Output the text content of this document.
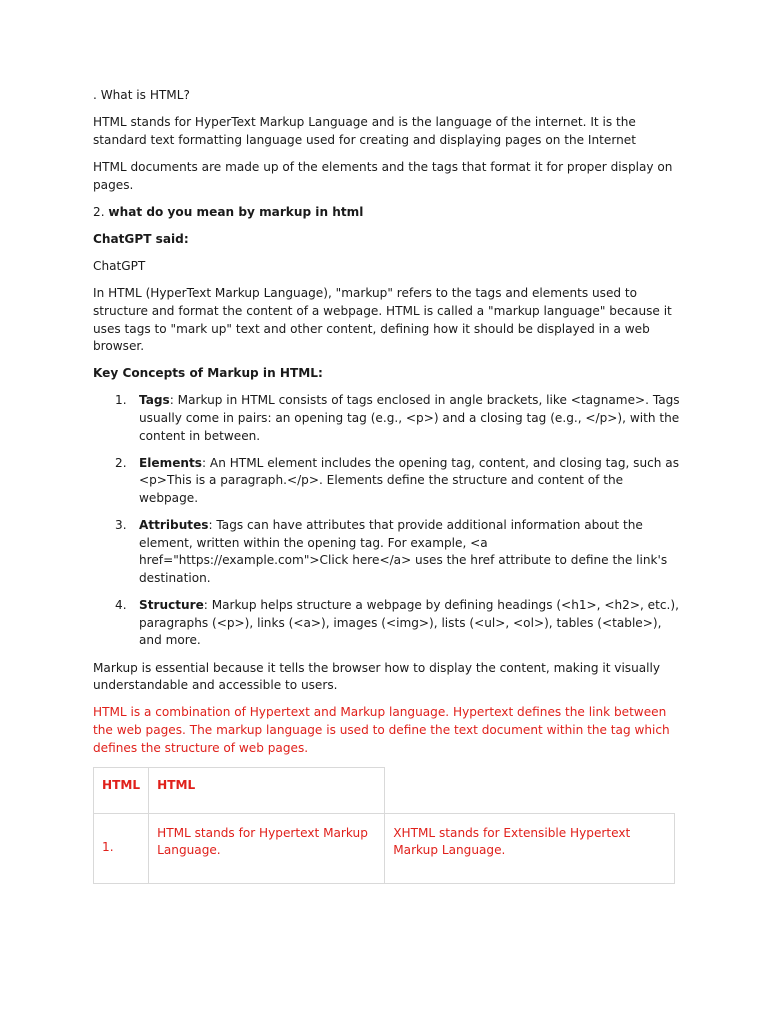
. What is HTML?

HTML stands for HyperText Markup Language and is the language of the internet. It is the standard text formatting language used for creating and displaying pages on the Internet

HTML documents are made up of the elements and the tags that format it for proper display on pages.

2. what do you mean by markup in html

ChatGPT said:

ChatGPT

In HTML (HyperText Markup Language), "markup" refers to the tags and elements used to structure and format the content of a webpage. HTML is called a "markup language" because it uses tags to "mark up" text and other content, defining how it should be displayed in a web browser.

Key Concepts of Markup in HTML:

1. Tags: Markup in HTML consists of tags enclosed in angle brackets, like <tagname>. Tags usually come in pairs: an opening tag (e.g., <p>) and a closing tag (e.g., </p>), with the content in between.
2. Elements: An HTML element includes the opening tag, content, and closing tag, such as <p>This is a paragraph.</p>. Elements define the structure and content of the webpage.
3. Attributes: Tags can have attributes that provide additional information about the element, written within the opening tag. For example, <a href="https://example.com">Click here</a> uses the href attribute to define the link's destination.
4. Structure: Markup helps structure a webpage by defining headings (<h1>, <h2>, etc.), paragraphs (<p>), links (<a>), images (<img>), lists (<ul>, <ol>), tables (<table>), and more.

Markup is essential because it tells the browser how to display the content, making it visually understandable and accessible to users.

HTML is a combination of Hypertext and Markup language. Hypertext defines the link between the web pages. The markup language is used to define the text document within the tag which defines the structure of web pages.

HTML	HTML	
1.	HTML stands for Hypertext Markup Language.	XHTML stands for Extensible Hypertext Markup Language.
